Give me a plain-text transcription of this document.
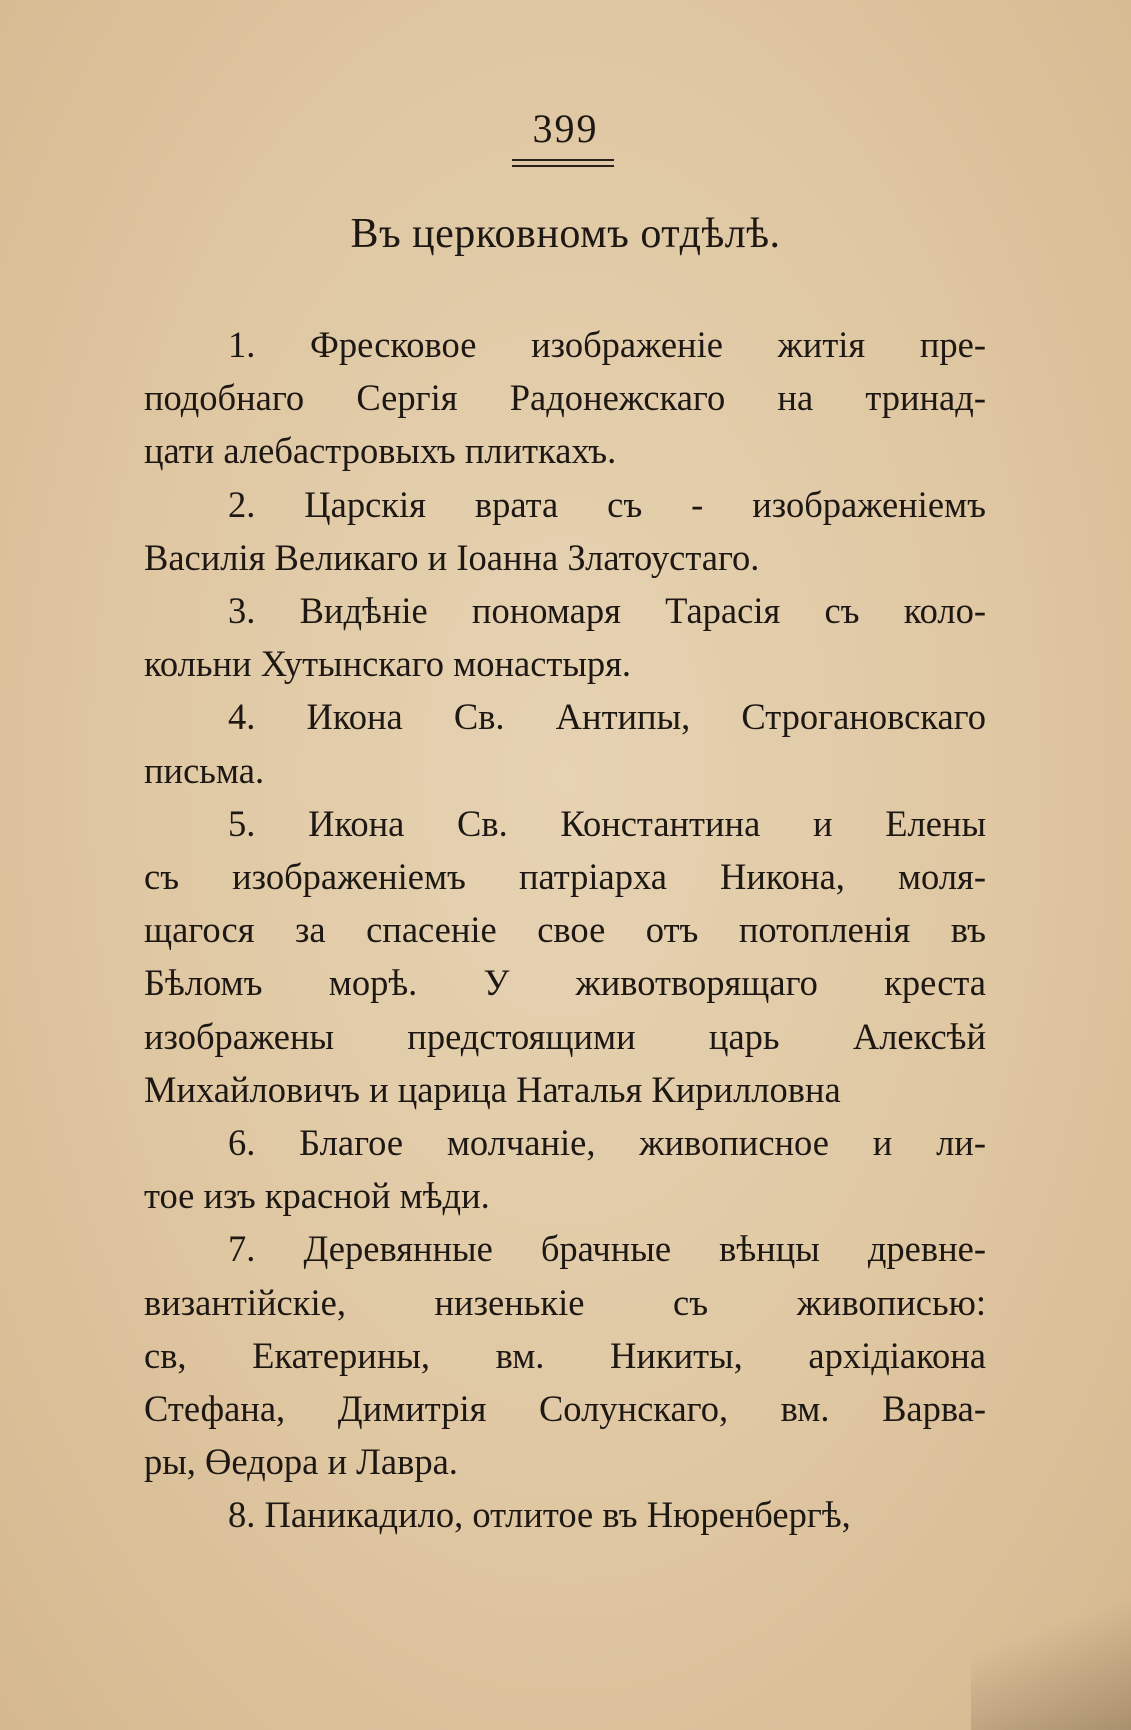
399
Въ церковномъ отдѣлѣ.
1. Фресковое изображеніе житія пре-
подобнаго Сергія Радонежскаго на тринад-
цати алебастровыхъ плиткахъ.
2. Царскія врата съ - изображеніемъ
Василія Великаго и Іоанна Златоустаго.
3. Видѣніе пономаря Тарасія съ коло-
кольни Хутынскаго монастыря.
4. Икона Св. Антипы, Строгановскаго
письма.
5. Икона Св. Константина и Елены
съ изображеніемъ патріарха Никона, моля-
щагося за спасеніе свое отъ потопленія въ
Бѣломъ морѣ. У животворящаго креста
изображены предстоящими царь Алексѣй
Михайловичъ и царица Наталья Кирилловна
6. Благое молчаніе, живописное и ли-
тое изъ красной мѣди.
7. Деревянные брачные вѣнцы древне-
византійскіе, низенькіе съ живописью:
св, Екатерины, вм. Никиты, архідіакона
Стефана, Димитрія Солунскаго, вм. Варва-
ры, Өедора и Лавра.
8. Паникадило, отлитое въ Нюренбергѣ,
